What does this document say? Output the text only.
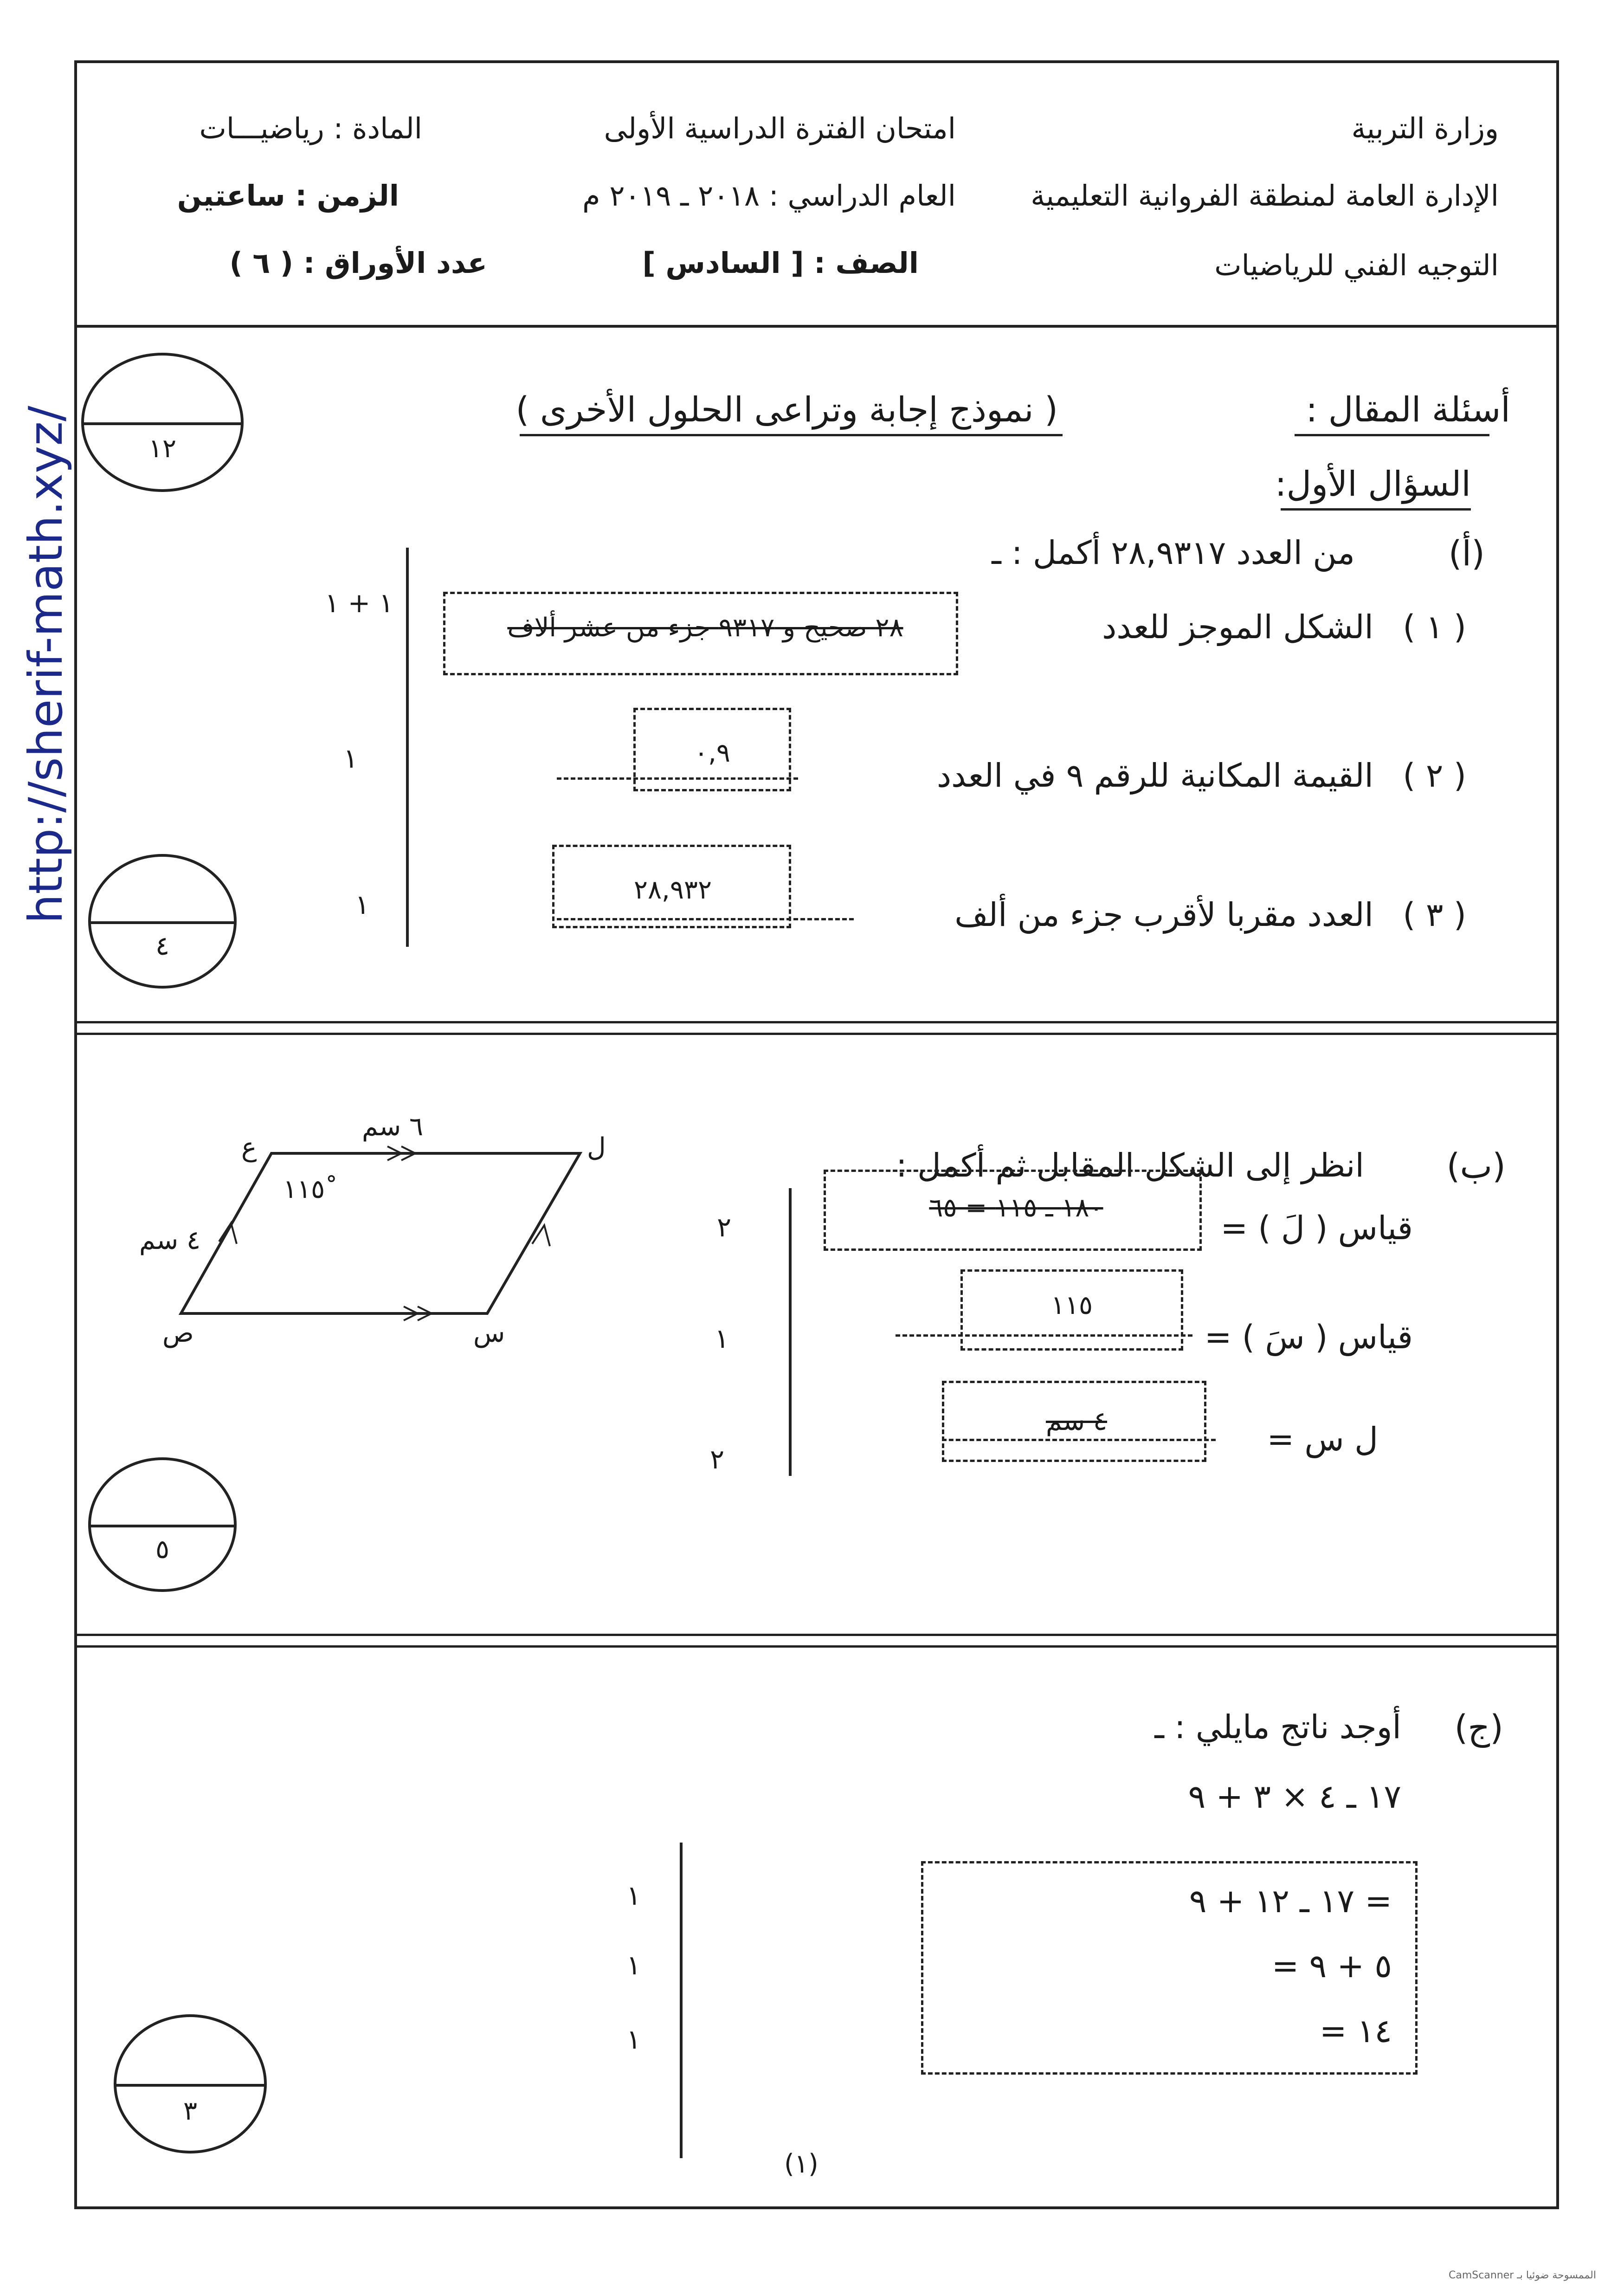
وزارة التربية
الإدارة العامة لمنطقة الفروانية التعليمية
التوجيه الفني للرياضيات
امتحان الفترة الدراسية الأولى
العام الدراسي : ٢٠١٨ ـ ٢٠١٩ م
الصف : [ السادس ]
المادة : رياضيـــات
الزمن : ساعتين
عدد الأوراق : ( ٦ )
http://sherif-math.xyz/	أسئلة المقال :
( نموذج إجابة وتراعى الحلول الأخرى )
السؤال الأول:
١٢
٤
٥
٣
(أ)
من العدد ٢٨,٩٣١٧ أكمل : ـ
( ١ )
الشكل الموجز للعدد
٢٨ صحيح و ٩٣١٧ جزء من عشر ألاف
١ + ١
( ٢ )
القيمة المكانية للرقم ٩ في العدد
٠,٩
١
( ٣ )
العدد مقربا لأقرب جزء من ألف
٢٨,٩٣٢
١
(ب)
انظر إلى الشكل المقابل ثم أكمل :
ع	ل
س
ص
٦ سم
٤ سم
١١٥ْ
قياس ( لَ ) =
١٨٠ ـ ١١٥ = ٦٥
٢
قياس ( سَ ) =
١١٥
١
ل س =
٤ سم
٢
(ج)
أوجد ناتج مايلي : ـ
١٧ ـ ٤ × ٣ + ٩
= ١٧ ـ ١٢ + ٩
= ٥ + ٩
= ١٤
١
١
١
(١)
CamScanner الممسوحة ضوئيا بـ
